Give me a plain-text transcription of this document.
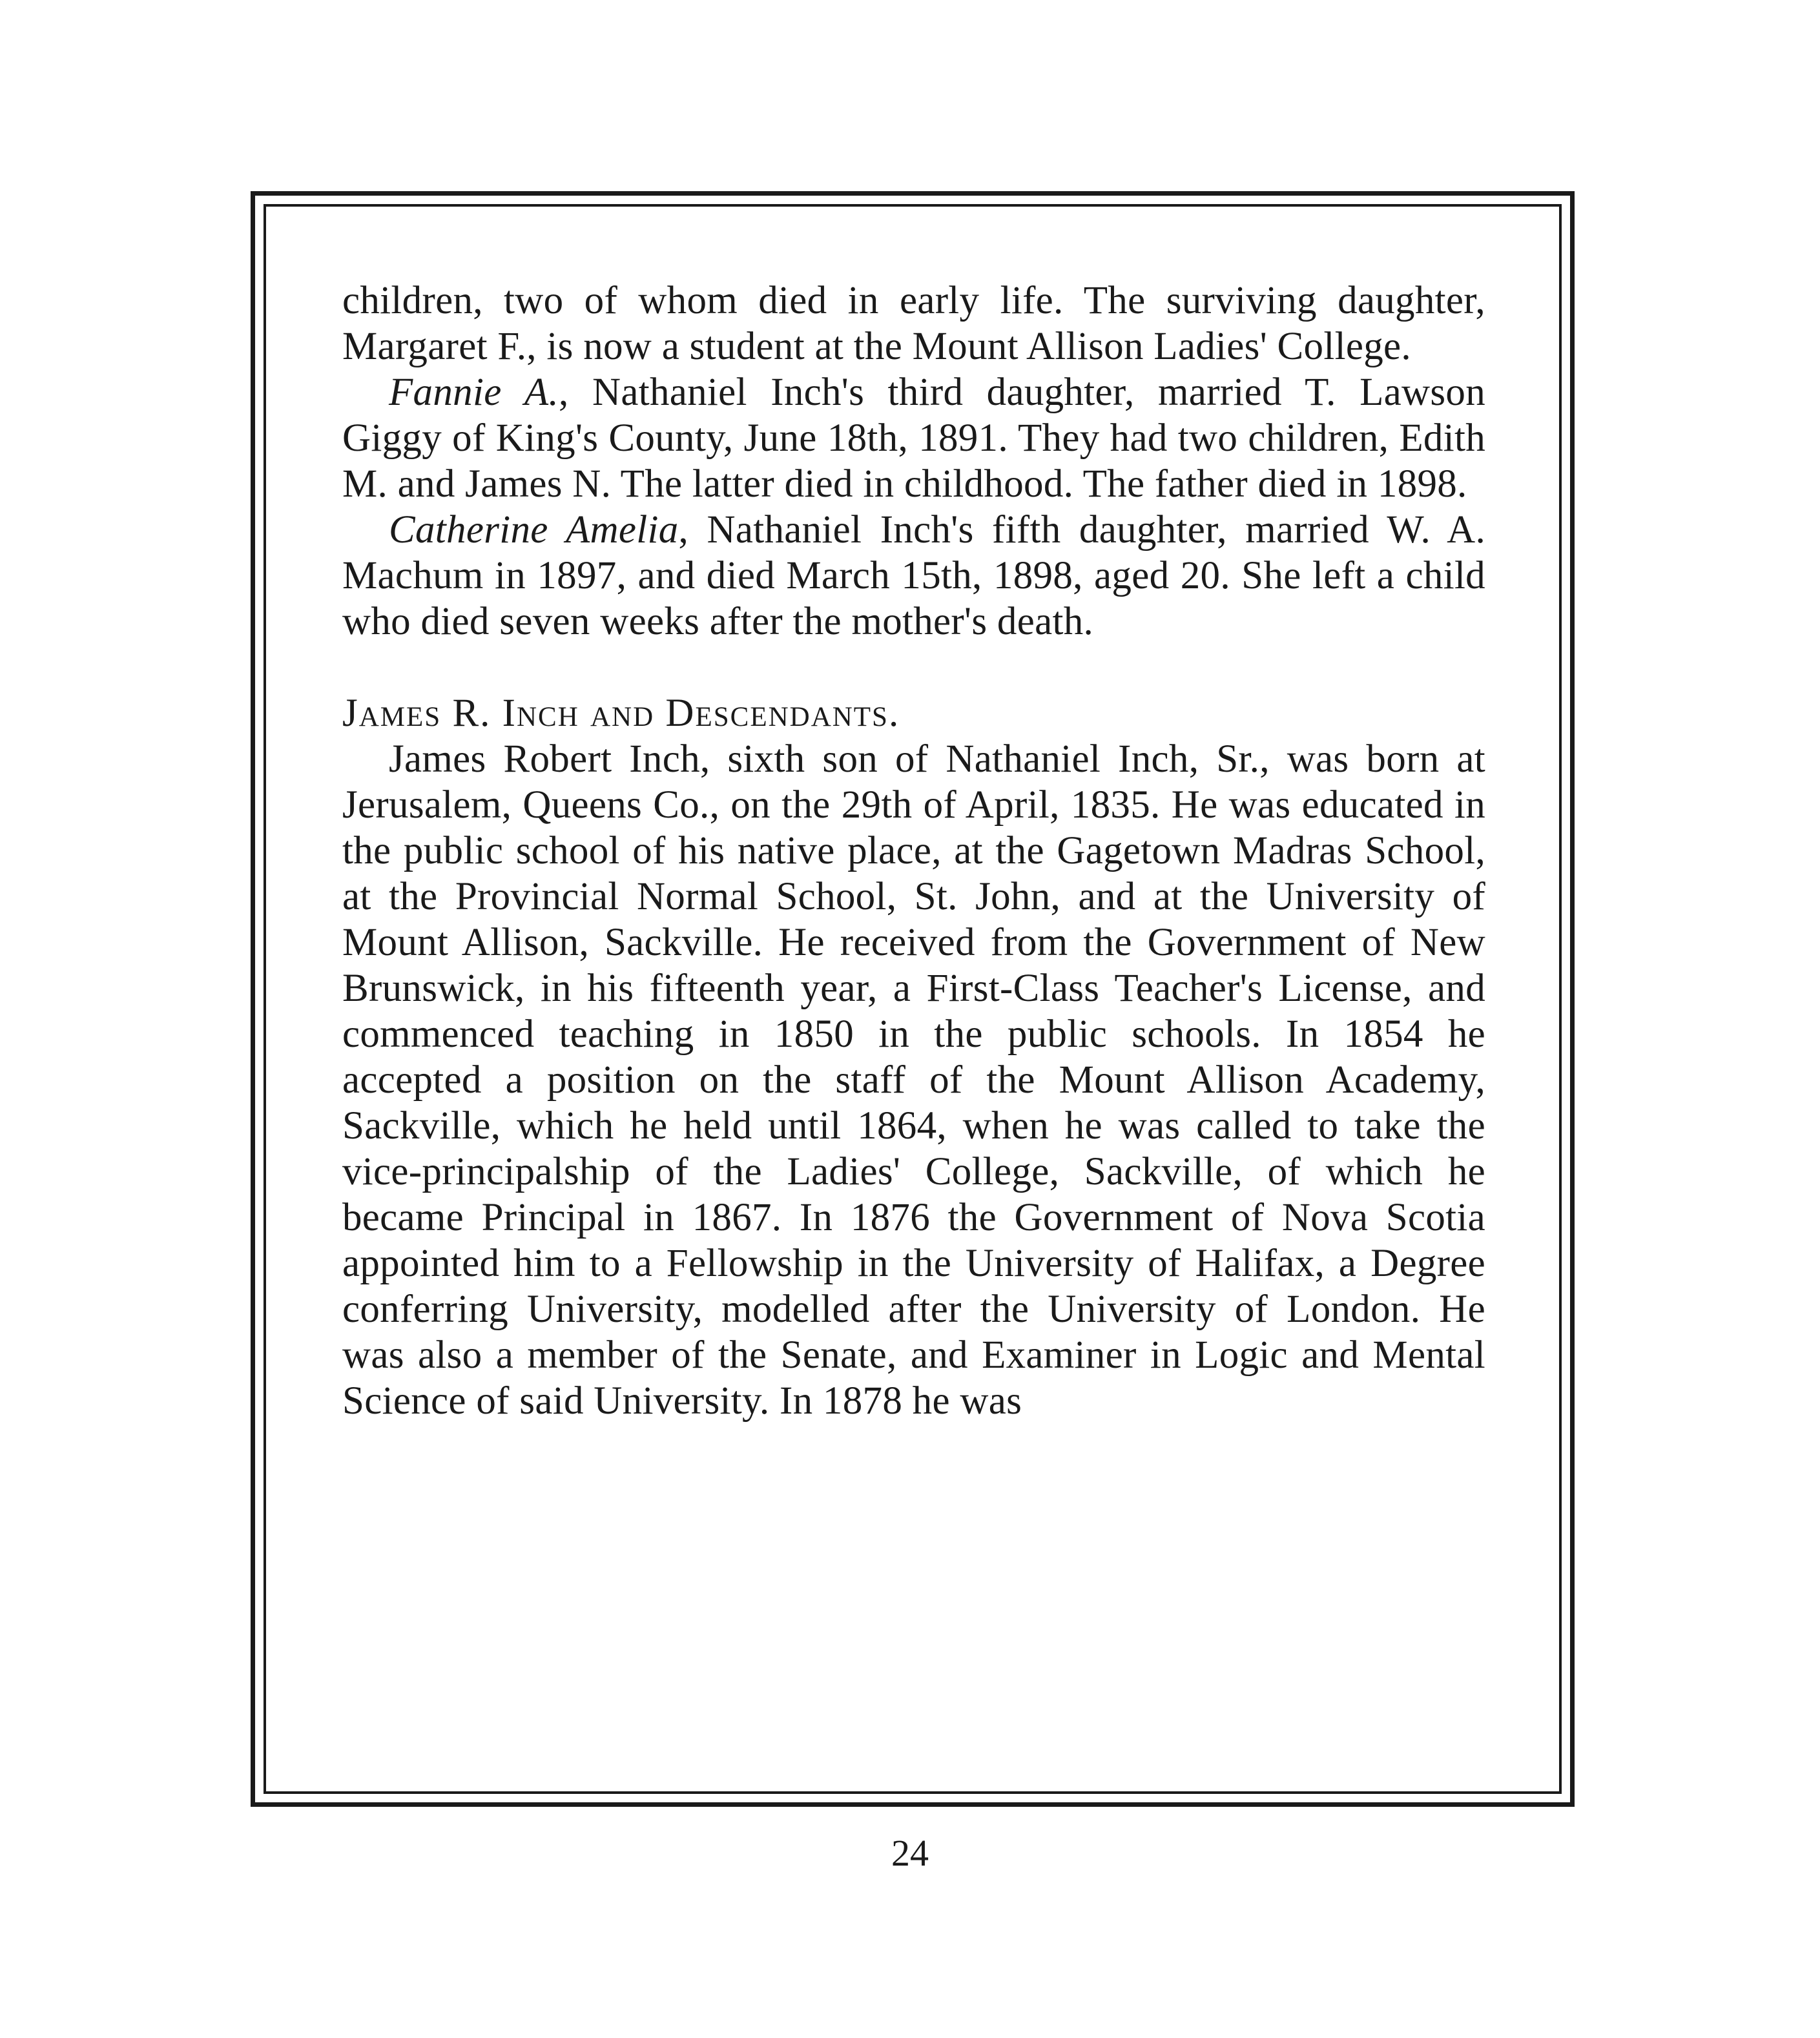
children, two of whom died in early life. The surviving daughter, Margaret F., is now a student at the Mount Allison Ladies' College.

Fannie A., Nathaniel Inch's third daughter, married T. Lawson Giggy of King's County, June 18th, 1891. They had two children, Edith M. and James N. The latter died in childhood. The father died in 1898.

Catherine Amelia, Nathaniel Inch's fifth daughter, married W. A. Machum in 1897, and died March 15th, 1898, aged 20. She left a child who died seven weeks after the mother's death.

James R. Inch and Descendants.

James Robert Inch, sixth son of Nathaniel Inch, Sr., was born at Jerusalem, Queens Co., on the 29th of April, 1835. He was educated in the public school of his native place, at the Gagetown Madras School, at the Provincial Normal School, St. John, and at the University of Mount Allison, Sackville. He received from the Government of New Brunswick, in his fifteenth year, a First-Class Teacher's License, and commenced teaching in 1850 in the public schools. In 1854 he accepted a position on the staff of the Mount Allison Academy, Sackville, which he held until 1864, when he was called to take the vice-principalship of the Ladies' College, Sackville, of which he became Principal in 1867. In 1876 the Government of Nova Scotia appointed him to a Fellowship in the University of Halifax, a Degree conferring University, modelled after the University of London. He was also a member of the Senate, and Examiner in Logic and Mental Science of said University. In 1878 he was

24
